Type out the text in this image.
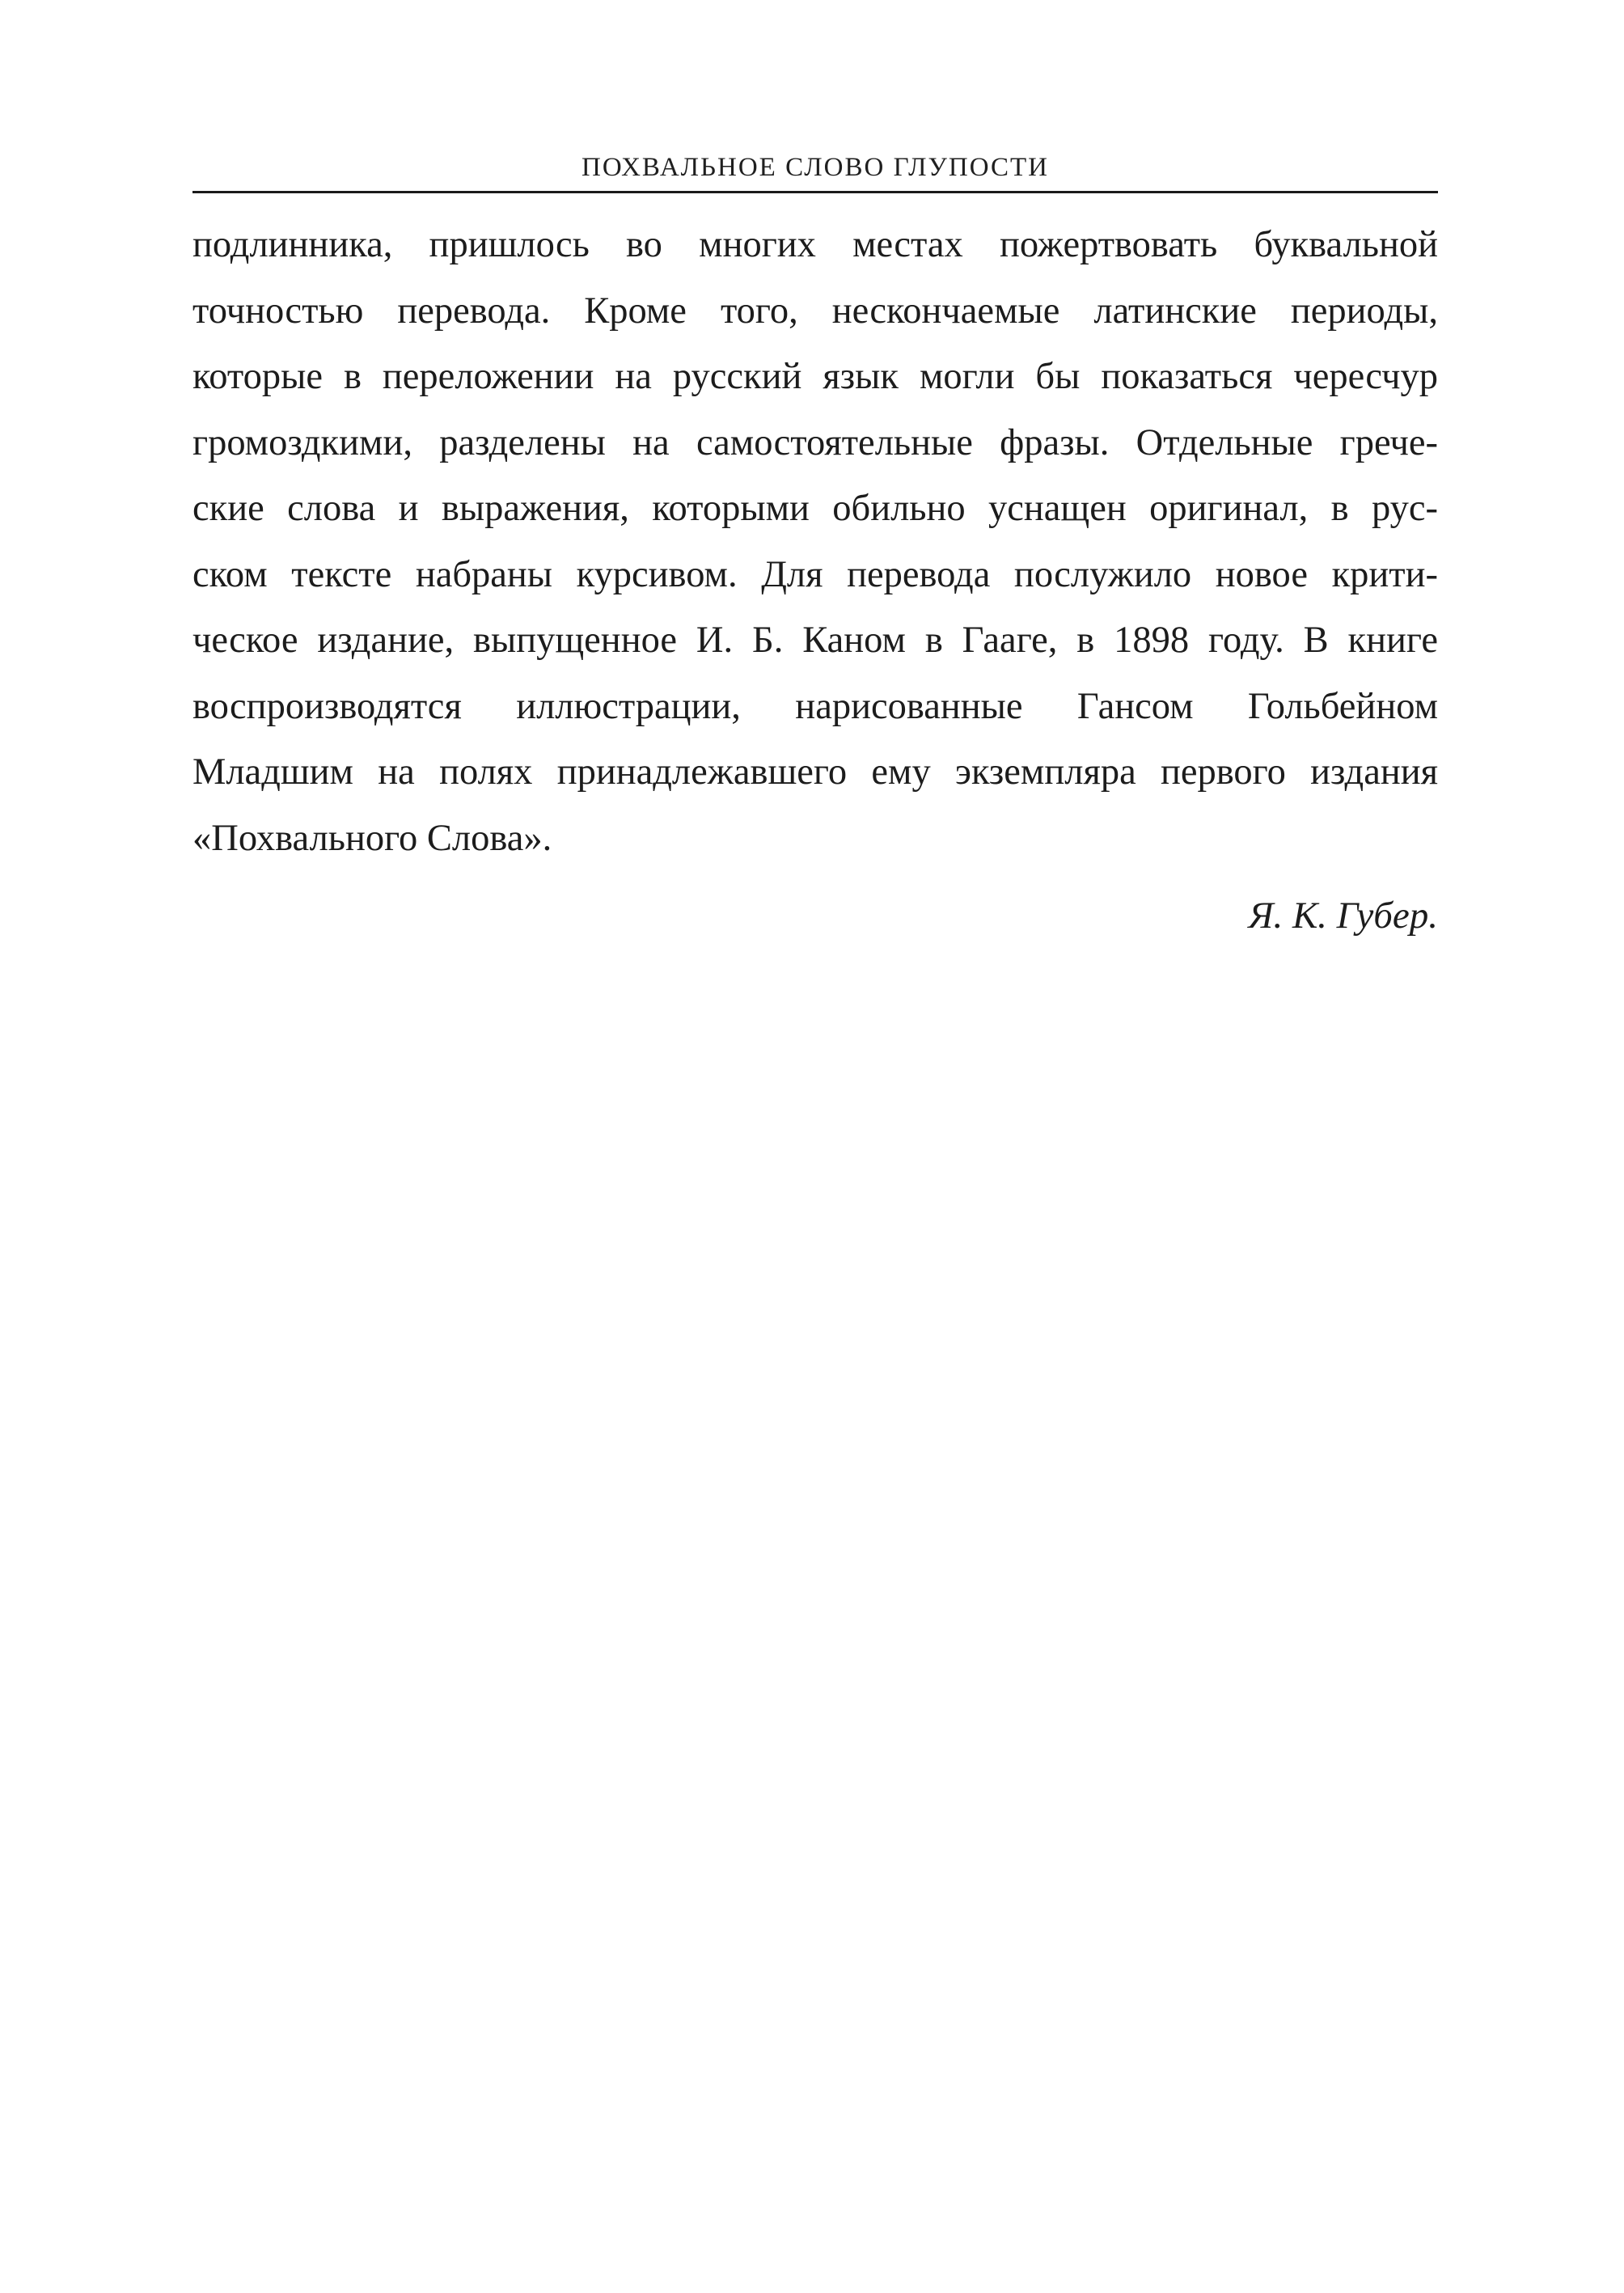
ПОХВАЛЬНОЕ СЛОВО ГЛУПОСТИ
подлинника, пришлось во многих местах пожертвовать буквальной
точностью перевода. Кроме того, нескончаемые латинские периоды,
которые в переложении на русский язык могли бы показаться чересчур
громоздкими, разделены на самостоятельные фразы. Отдельные грече-
ские слова и выражения, которыми обильно уснащен оригинал, в рус-
ском тексте набраны курсивом. Для перевода послужило новое крити-
ческое издание, выпущенное И. Б. Каном в Гааге, в 1898 году. В книге
воспроизводятся иллюстрации, нарисованные Гансом Гольбейном
Младшим на полях принадлежавшего ему экземпляра первого издания
«Похвального Слова».
Я. К. Губер.
